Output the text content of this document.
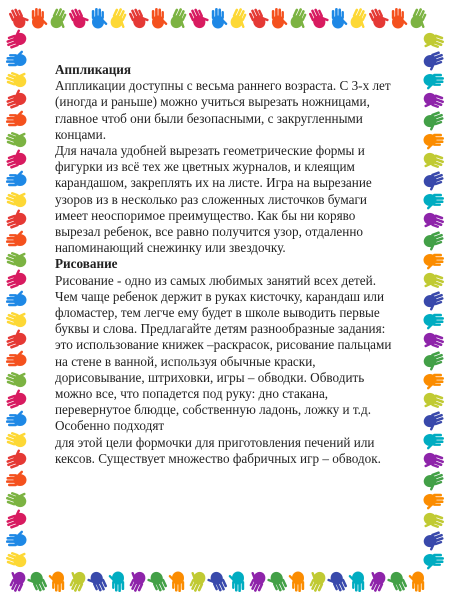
Аппликация

Аппликации доступны с весьма раннего возраста. С 3-х лет (иногда и раньше) можно учиться вырезать ножницами, главное чтоб они были безопасными, с закругленными концами.

Для начала удобней вырезать геометрические формы и фигурки из всё тех же цветных журналов, и клеящим карандашом, закреплять их на листе. Игра на вырезание узоров из в несколько раз сложенных листочков бумаги имеет неоспоримое преимущество. Как бы ни коряво вырезал ребенок, все равно получится узор, отдаленно напоминающий снежинку или звездочку.

Рисование

Рисование - одно из самых любимых занятий всех детей. Чем чаще ребенок держит в руках кисточку, карандаш или фломастер, тем легче ему будет в школе выводить первые буквы и слова. Предлагайте детям разнообразные задания: это использование книжек –раскрасок, рисование пальцами на стене в ванной, используя обычные краски, дорисовывание, штриховки, игры – обводки. Обводить можно все, что попадется под руку: дно стакана, перевернутое блюдце, собственную ладонь, ложку и т.д. Особенно подходят

для этой цели формочки для приготовления печений или кексов. Существует множество фабричных игр – обводок.
